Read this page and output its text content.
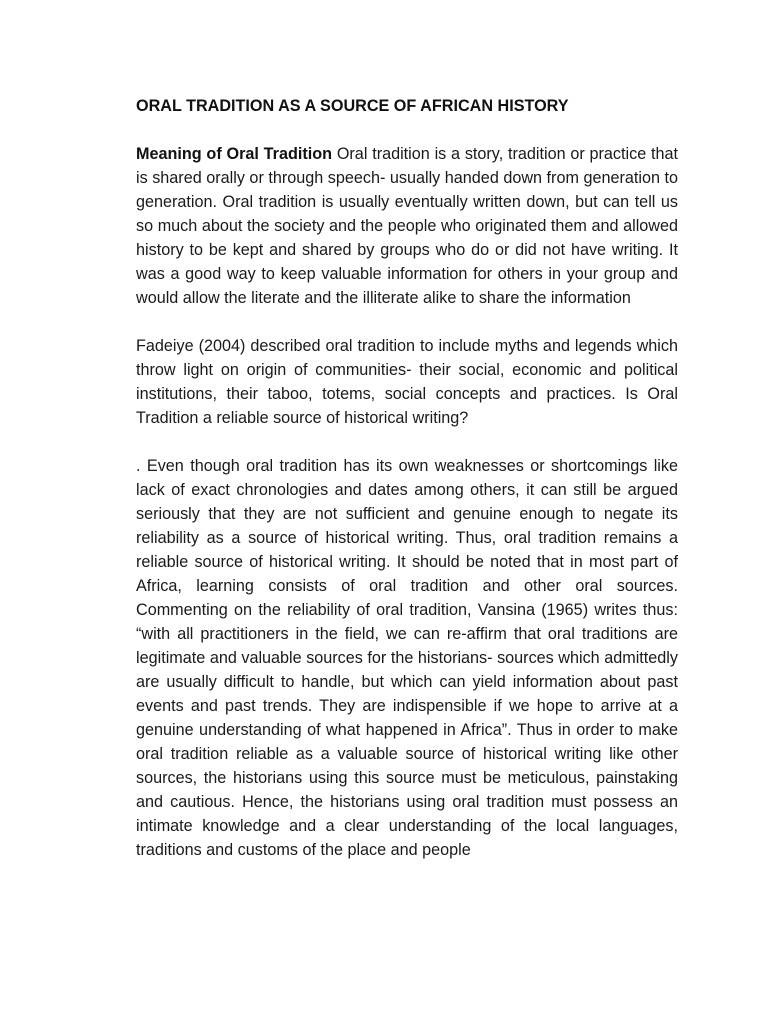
ORAL TRADITION AS A SOURCE OF AFRICAN HISTORY

Meaning of Oral Tradition Oral tradition is a story, tradition or practice that is shared orally or through speech- usually handed down from generation to generation. Oral tradition is usually eventually written down, but can tell us so much about the society and the people who originated them and allowed history to be kept and shared by groups who do or did not have writing. It was a good way to keep valuable information for others in your group and would allow the literate and the illiterate alike to share the information

Fadeiye (2004) described oral tradition to include myths and legends which throw light on origin of communities- their social, economic and political institutions, their taboo, totems, social concepts and practices. Is Oral Tradition a reliable source of historical writing?

. Even though oral tradition has its own weaknesses or shortcomings like lack of exact chronologies and dates among others, it can still be argued seriously that they are not sufficient and genuine enough to negate its reliability as a source of historical writing. Thus, oral tradition remains a reliable source of historical writing. It should be noted that in most part of Africa, learning consists of oral tradition and other oral sources. Commenting on the reliability of oral tradition, Vansina (1965) writes thus: “with all practitioners in the field, we can re-affirm that oral traditions are legitimate and valuable sources for the historians- sources which admittedly are usually difficult to handle, but which can yield information about past events and past trends. They are indispensible if we hope to arrive at a genuine understanding of what happened in Africa”. Thus in order to make oral tradition reliable as a valuable source of historical writing like other sources, the historians using this source must be meticulous, painstaking and cautious. Hence, the historians using oral tradition must possess an intimate knowledge and a clear understanding of the local languages, traditions and customs of the place and people
